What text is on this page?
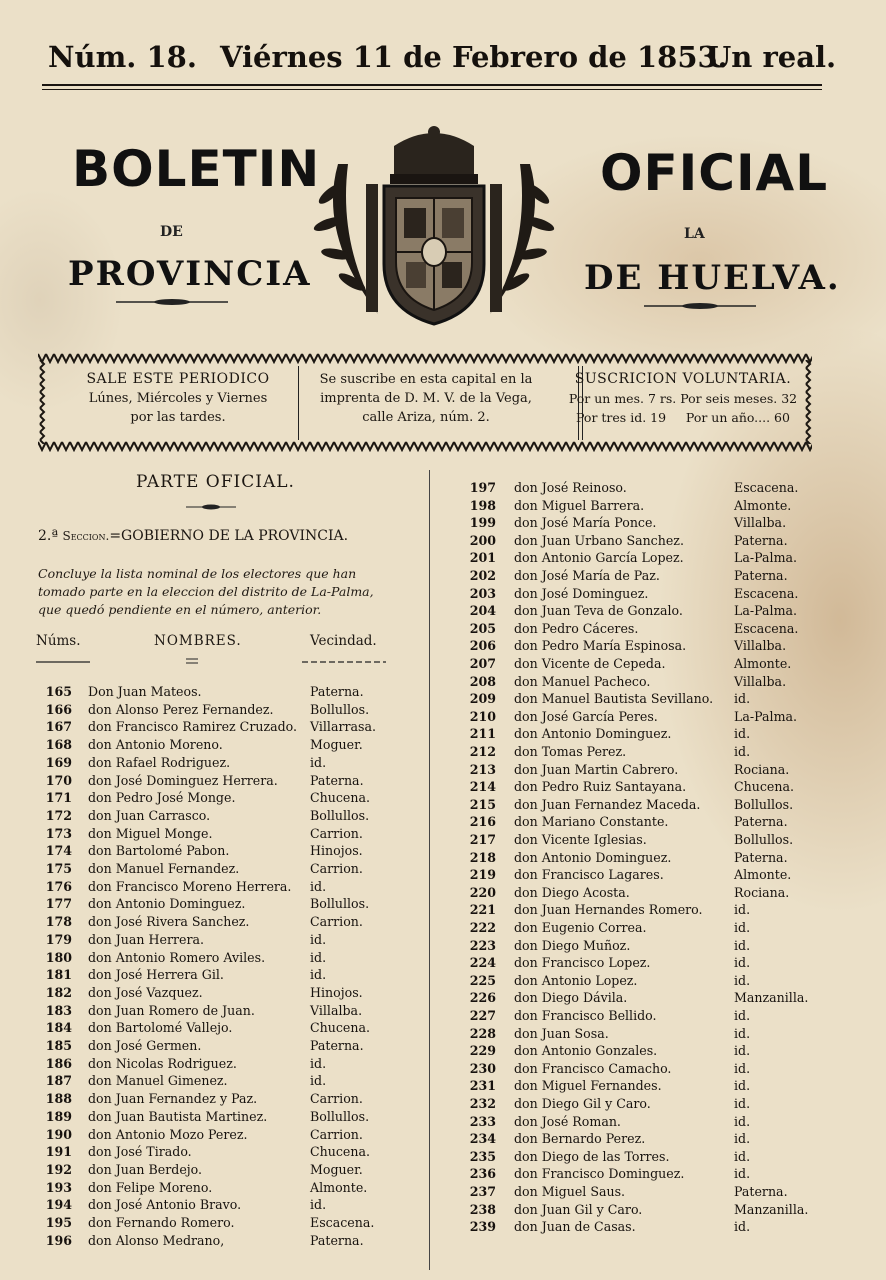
Núm. 18. Viérnes 11 de Febrero de 1853.
Un real.
BOLETIN
DE
PROVINCIA
OFICIAL
LA
DE HUELVA.
SALE ESTE PERIODICO
Lúnes, Miércoles y Viernes
por las tardes.
Se suscribe en esta capital en la
imprenta de D. M. V. de la Vega,
calle Ariza, núm. 2.
SUSCRICION VOLUNTARIA.
Por un mes. 7 rs. Por seis meses. 32
Por tres id. 19     Por un año.... 60
PARTE OFICIAL.
2.ª Seccion.=GOBIERNO DE LA PROVINCIA.
Concluye la lista nominal de los electores que han tomado parte en la eleccion del distrito de La-Palma, que quedó pendiente en el número, anterior.
Núms.	NOMBRES.	Vecindad.
165 Don Juan Mateos.	Paterna.
166 don Alonso Perez Fernandez.	Bollullos.
167 don Francisco Ramirez Cruzado. Villarrasa.
168 don Antonio Moreno.	Moguer.
169 don Rafael Rodriguez.	id.
170 don José Dominguez Herrera.	Paterna.
171 don Pedro José Monge.	Chucena.
172 don Juan Carrasco.	Bollullos.
173 don Miguel Monge.	Carrion.
174 don Bartolomé Pabon.	Hinojos.
175 don Manuel Fernandez.	Carrion.
176 don Francisco Moreno Herrera. id.
177 don Antonio Dominguez.	Bollullos.
178 don José Rivera Sanchez.	Carrion.
179 don Juan Herrera.	id.
180 don Antonio Romero Aviles.	id.
181 don José Herrera Gil.	id.
182 don José Vazquez.	Hinojos.
183 don Juan Romero de Juan.	Villalba.
184 don Bartolomé Vallejo.	Chucena.
185 don José Germen.	Paterna.
186 don Nicolas Rodriguez.	id.
187 don Manuel Gimenez.	id.
188 don Juan Fernandez y Paz.	Carrion.
189 don Juan Bautista Martinez.	Bollullos.
190 don Antonio Mozo Perez.	Carrion.
191 don José Tirado.	Chucena.
192 don Juan Berdejo.	Moguer.
193 don Felipe Moreno.	Almonte.
194 don José Antonio Bravo.	id.
195 don Fernando Romero.	Escacena.
196 don Alonso Medrano,	Paterna.
197 don José Reinoso.	Escacena.
198 don Miguel Barrera.	Almonte.
199 don José María Ponce.	Villalba.
200 don Juan Urbano Sanchez.	Paterna.
201 don Antonio García Lopez.	La-Palma.
202 don José María de Paz.	Paterna.
203 don José Dominguez.	Escacena.
204 don Juan Teva de Gonzalo.	La-Palma.
205 don Pedro Cáceres.	Escacena.
206 don Pedro María Espinosa.	Villalba.
207 don Vicente de Cepeda.	Almonte.
208 don Manuel Pacheco.	Villalba.
209 don Manuel Bautista Sevillano. id.
210 don José García Peres.	La-Palma.
211 don Antonio Dominguez.	id.
212 don Tomas Perez.	id.
213 don Juan Martin Cabrero.	Rociana.
214 don Pedro Ruiz Santayana.	Chucena.
215 don Juan Fernandez Maceda.	Bollullos.
216 don Mariano Constante.	Paterna.
217 don Vicente Iglesias.	Bollullos.
218 don Antonio Dominguez.	Paterna.
219 don Francisco Lagares.	Almonte.
220 don Diego Acosta.	Rociana.
221 don Juan Hernandes Romero. id.
222 don Eugenio Correa.	id.
223 don Diego Muñoz.	id.
224 don Francisco Lopez.	id.
225 don Antonio Lopez.	id.
226 don Diego Dávila.	Manzanilla.
227 don Francisco Bellido.	id.
228 don Juan Sosa.	id.
229 don Antonio Gonzales.	id.
230 don Francisco Camacho.	id.
231 don Miguel Fernandes.	id.
232 don Diego Gil y Caro.	id.
233 don José Roman.	id.
234 don Bernardo Perez.	id.
235 don Diego de las Torres.	id.
236 don Francisco Dominguez.	id.
237 don Miguel Saus.	Paterna.
238 don Juan Gil y Caro.	Manzanilla.
239 don Juan de Casas.	id.
